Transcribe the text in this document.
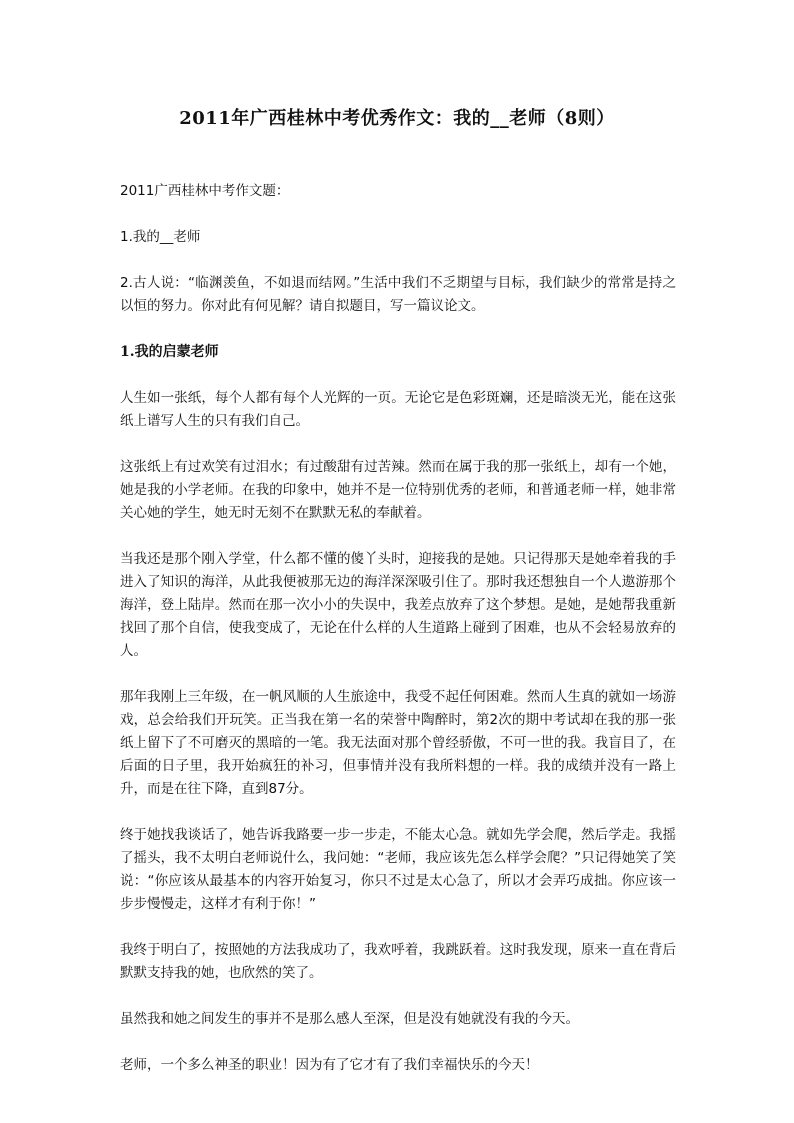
2011年广西桂林中考优秀作文：我的__老师（8则）

2011广西桂林中考作文题：

1.我的__老师

2.古人说：“临渊羡鱼，不如退而结网。”生活中我们不乏期望与目标，我们缺少的常常是持之以恒的努力。你对此有何见解？请自拟题目，写一篇议论文。

1.我的启蒙老师

人生如一张纸，每个人都有每个人光辉的一页。无论它是色彩斑斓，还是暗淡无光，能在这张纸上谱写人生的只有我们自己。

这张纸上有过欢笑有过泪水；有过酸甜有过苦辣。然而在属于我的那一张纸上，却有一个她，她是我的小学老师。在我的印象中，她并不是一位特别优秀的老师，和普通老师一样，她非常关心她的学生，她无时无刻不在默默无私的奉献着。

当我还是那个刚入学堂，什么都不懂的傻丫头时，迎接我的是她。只记得那天是她牵着我的手进入了知识的海洋，从此我便被那无边的海洋深深吸引住了。那时我还想独自一个人遨游那个海洋，登上陆岸。然而在那一次小小的失误中，我差点放弃了这个梦想。是她，是她帮我重新找回了那个自信，使我变成了，无论在什么样的人生道路上碰到了困难，也从不会轻易放弃的人。

那年我刚上三年级，在一帆风顺的人生旅途中，我受不起任何困难。然而人生真的就如一场游戏，总会给我们开玩笑。正当我在第一名的荣誉中陶醉时，第2次的期中考试却在我的那一张纸上留下了不可磨灭的黑暗的一笔。我无法面对那个曾经骄傲，不可一世的我。我盲目了，在后面的日子里，我开始疯狂的补习，但事情并没有我所料想的一样。我的成绩并没有一路上升，而是在往下降，直到87分。

终于她找我谈话了，她告诉我路要一步一步走，不能太心急。就如先学会爬，然后学走。我摇了摇头，我不太明白老师说什么，我问她：“老师，我应该先怎么样学会爬？”只记得她笑了笑说：“你应该从最基本的内容开始复习，你只不过是太心急了，所以才会弄巧成拙。你应该一步步慢慢走，这样才有利于你！”

我终于明白了，按照她的方法我成功了，我欢呼着，我跳跃着。这时我发现，原来一直在背后默默支持我的她，也欣然的笑了。

虽然我和她之间发生的事并不是那么感人至深，但是没有她就没有我的今天。

老师，一个多么神圣的职业！因为有了它才有了我们幸福快乐的今天！
